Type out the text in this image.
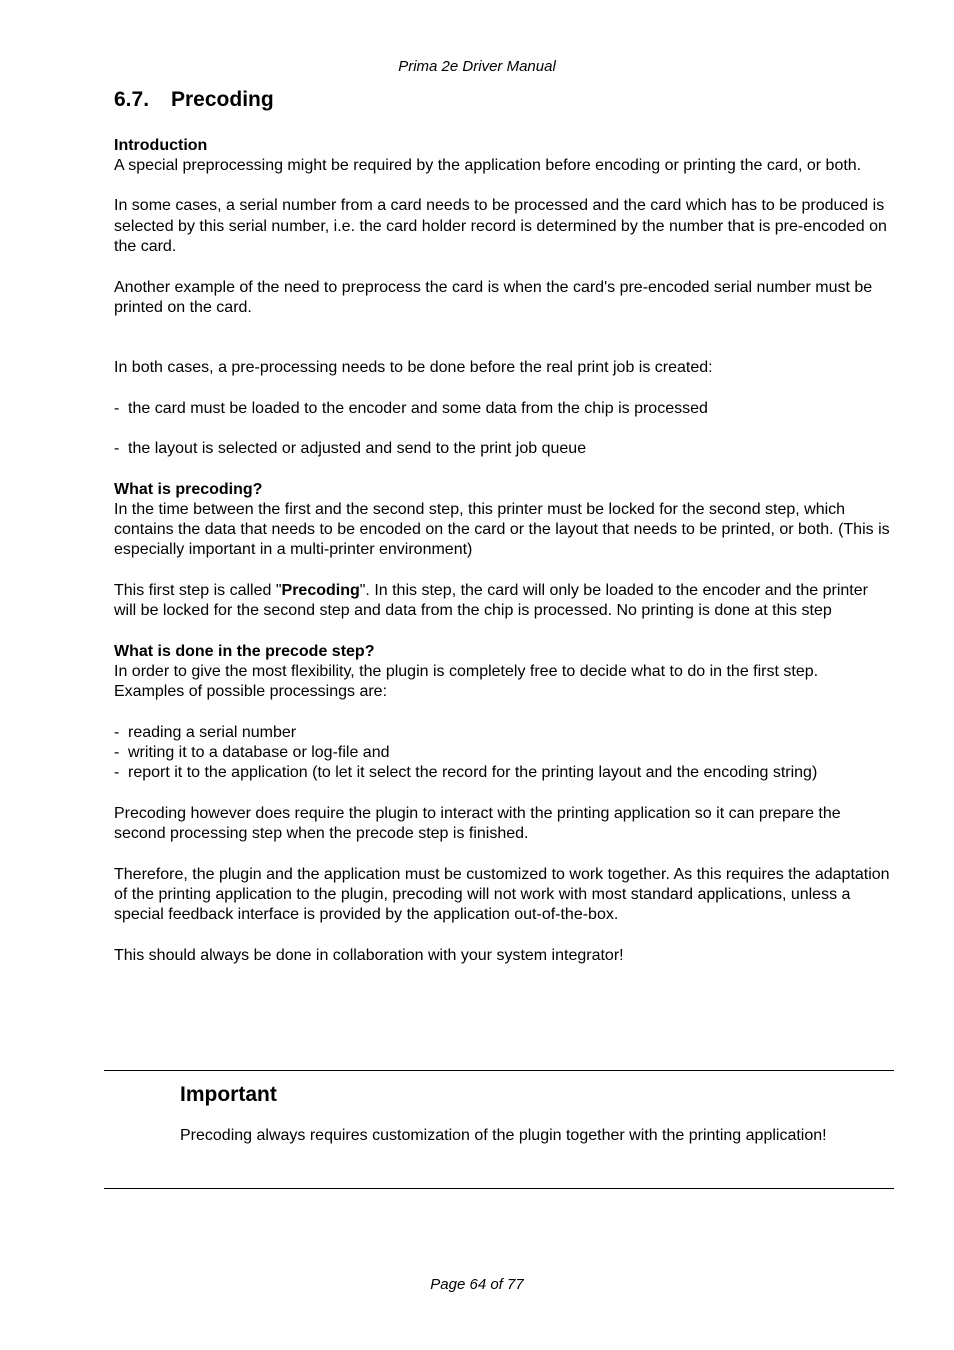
Prima 2e Driver Manual
6.7. Precoding
Introduction

A special preprocessing might be required by the application before encoding or printing the card, or both.

In some cases, a serial number from a card needs to be processed and the card which has to be produced is selected by this serial number, i.e. the card holder record is determined by the number that is pre-encoded on the card.

Another example of the need to preprocess the card is when the card's pre-encoded serial number must be printed on the card.

In both cases, a pre-processing needs to be done before the real print job is created:

- the card must be loaded to the encoder and some data from the chip is processed
- the layout is selected or adjusted and send to the print job queue
What is precoding?

In the time between the first and the second step, this printer must be locked for the second step, which contains the data that needs to be encoded on the card or the layout that needs to be printed, or both. (This is especially important in a multi-printer environment)

This first step is called "Precoding". In this step, the card will only be loaded to the encoder and the printer will be locked for the second step and data from the chip is processed. No printing is done at this step

What is done in the precode step?

In order to give the most flexibility, the plugin is completely free to decide what to do in the first step. Examples of possible processings are:

- reading a serial number
- writing it to a database or log-file and
- report it to the application (to let it select the record for the printing layout and the encoding string)

Precoding however does require the plugin to interact with the printing application so it can prepare the second processing step when the precode step is finished.

Therefore, the plugin and the application must be customized to work together. As this requires the adaptation of the printing application to the plugin, precoding will not work with most standard applications, unless a special feedback interface is provided by the application out-of-the-box.

This should always be done in collaboration with your system integrator!

Important

Precoding always requires customization of the plugin together with the printing application!

Page 64 of 77
